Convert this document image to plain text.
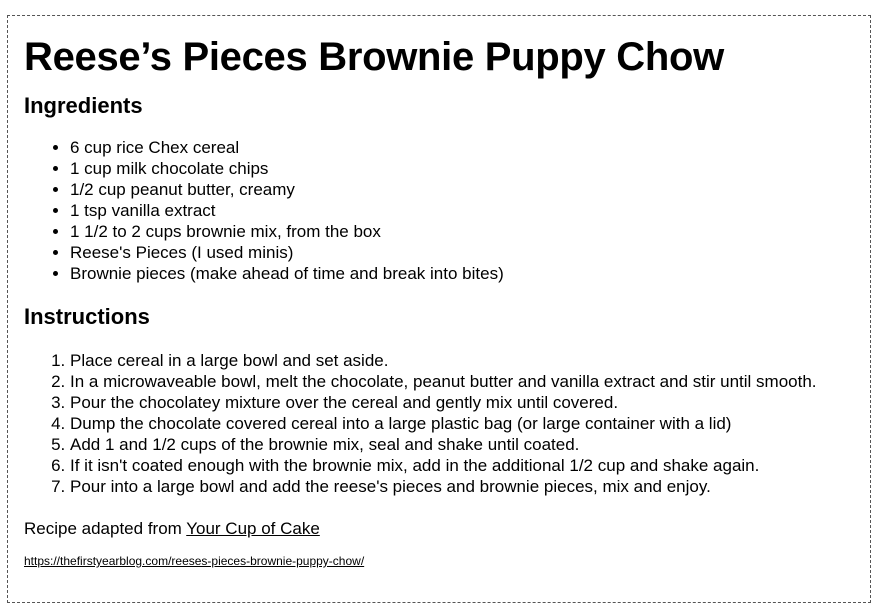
Reese’s Pieces Brownie Puppy Chow
Ingredients
• 6 cup rice Chex cereal
• 1 cup milk chocolate chips
• 1/2 cup peanut butter, creamy
• 1 tsp vanilla extract
• 1 1/2 to 2 cups brownie mix, from the box
• Reese's Pieces (I used minis)
• Brownie pieces (make ahead of time and break into bites)
Instructions
1. Place cereal in a large bowl and set aside.
2. In a microwaveable bowl, melt the chocolate, peanut butter and vanilla extract and stir until smooth.
3. Pour the chocolatey mixture over the cereal and gently mix until covered.
4. Dump the chocolate covered cereal into a large plastic bag (or large container with a lid)
5. Add 1 and 1/2 cups of the brownie mix, seal and shake until coated.
6. If it isn't coated enough with the brownie mix, add in the additional 1/2 cup and shake again.
7. Pour into a large bowl and add the reese's pieces and brownie pieces, mix and enjoy.

Recipe adapted from Your Cup of Cake

https://thefirstyearblog.com/reeses-pieces-brownie-puppy-chow/
